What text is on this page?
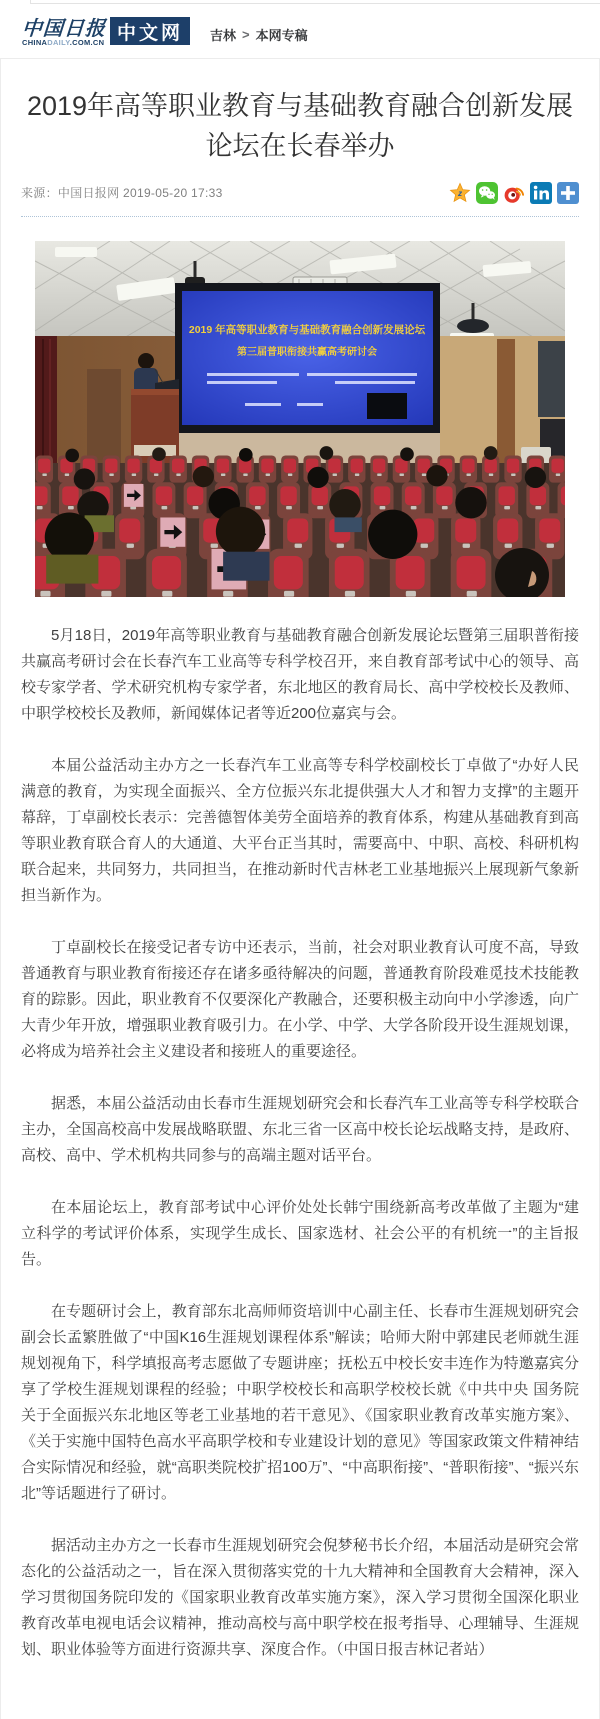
中国日报
CHINADAILY.COM.CN 中文网	吉林 > 本网专稿
2019年高等职业教育与基础教育融合创新发展论坛在长春举办
来源：中国日报网 2019-05-20 17:33	z
2019 年高等职业教育与基础教育融合创新发展论坛
第三届普职衔接共赢高考研讨会

5月18日，2019年高等职业教育与基础教育融合创新发展论坛暨第三届职普衔接共赢高考研讨会在长春汽车工业高等专科学校召开，来自教育部考试中心的领导、高校专家学者、学术研究机构专家学者，东北地区的教育局长、高中学校校长及教师、中职学校校长及教师，新闻媒体记者等近200位嘉宾与会。

本届公益活动主办方之一长春汽车工业高等专科学校副校长丁卓做了“办好人民满意的教育，为实现全面振兴、全方位振兴东北提供强大人才和智力支撑”的主题开幕辞，丁卓副校长表示：完善德智体美劳全面培养的教育体系，构建从基础教育到高等职业教育联合育人的大通道、大平台正当其时，需要高中、中职、高校、科研机构联合起来，共同努力，共同担当，在推动新时代吉林老工业基地振兴上展现新气象新担当新作为。

丁卓副校长在接受记者专访中还表示，当前，社会对职业教育认可度不高，导致普通教育与职业教育衔接还存在诸多亟待解决的问题，普通教育阶段难觅技术技能教育的踪影。因此，职业教育不仅要深化产教融合，还要积极主动向中小学渗透，向广大青少年开放，增强职业教育吸引力。在小学、中学、大学各阶段开设生涯规划课，必将成为培养社会主义建设者和接班人的重要途径。

据悉，本届公益活动由长春市生涯规划研究会和长春汽车工业高等专科学校联合主办，全国高校高中发展战略联盟、东北三省一区高中校长论坛战略支持，是政府、高校、高中、学术机构共同参与的高端主题对话平台。

在本届论坛上，教育部考试中心评价处处长韩宁围绕新高考改革做了主题为“建立科学的考试评价体系，实现学生成长、国家选材、社会公平的有机统一”的主旨报告。

在专题研讨会上，教育部东北高师师资培训中心副主任、长春市生涯规划研究会副会长孟繁胜做了“中国K16生涯规划课程体系”解读；哈师大附中郭建民老师就生涯规划视角下，科学填报高考志愿做了专题讲座；抚松五中校长安丰连作为特邀嘉宾分享了学校生涯规划课程的经验；中职学校校长和高职学校校长就《中共中央 国务院关于全面振兴东北地区等老工业基地的若干意见》、《国家职业教育改革实施方案》、《关于实施中国特色高水平高职学校和专业建设计划的意见》等国家政策文件精神结合实际情况和经验，就“高职类院校扩招100万”、“中高职衔接”、“普职衔接”、“振兴东北”等话题进行了研讨。

据活动主办方之一长春市生涯规划研究会倪梦秘书长介绍，本届活动是研究会常态化的公益活动之一，旨在深入贯彻落实党的十九大精神和全国教育大会精神，深入学习贯彻国务院印发的《国家职业教育改革实施方案》，深入学习贯彻全国深化职业教育改革电视电话会议精神，推动高校与高中职学校在报考指导、心理辅导、生涯规划、职业体验等方面进行资源共享、深度合作。（中国日报吉林记者站）
